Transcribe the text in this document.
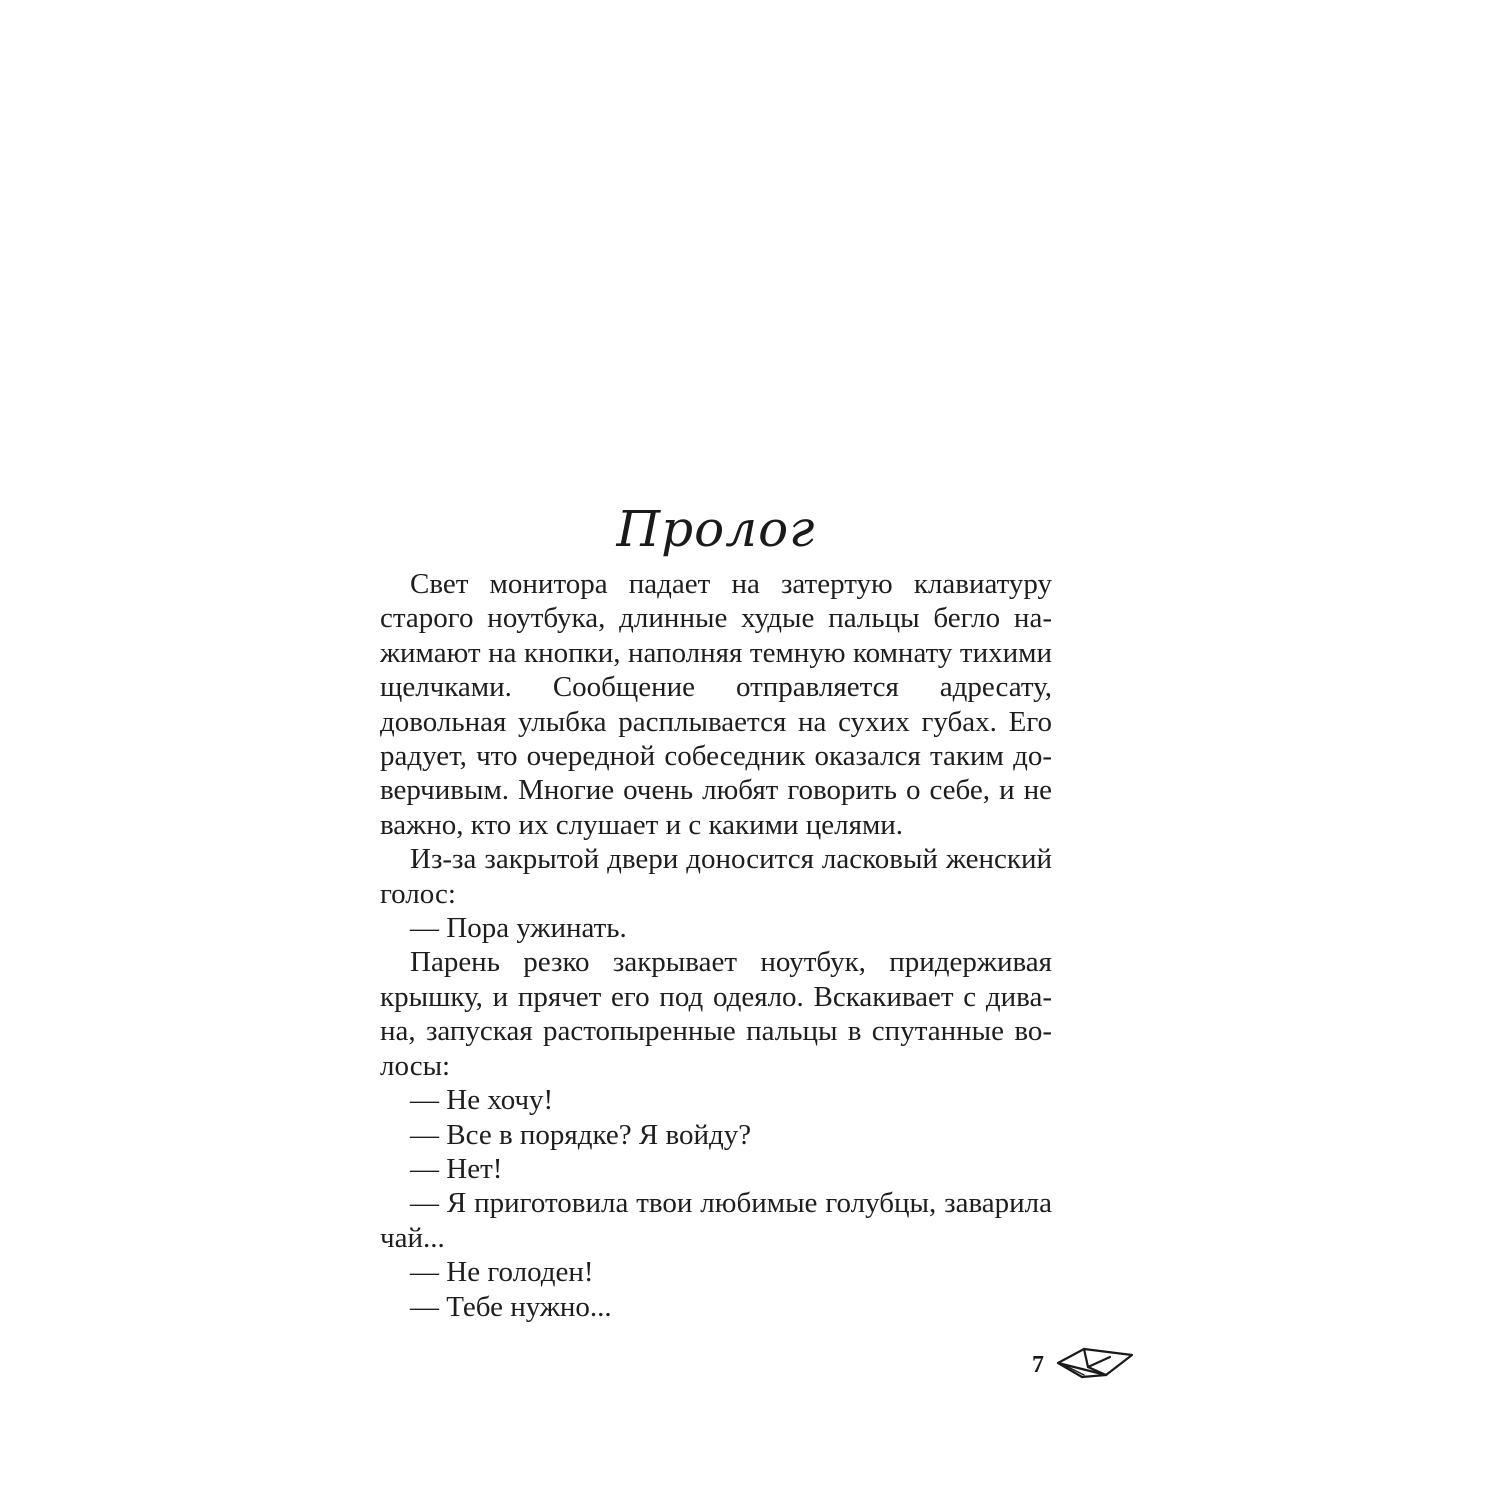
Пролог

Свет монитора падает на затертую клавиатуру старого ноутбука, длинные худые пальцы бегло нажимают на кнопки, наполняя темную комнату тихими щелчками. Сообщение отправляется адресату, довольная улыбка расплывается на сухих губах. Его радует, что очередной собеседник оказался таким доверчивым. Многие очень любят говорить о себе, и не важно, кто их слушает и с какими целями.

Из-за закрытой двери доносится ласковый женский голос:

— Пора ужинать.

Парень резко закрывает ноутбук, придерживая крышку, и прячет его под одеяло. Вскакивает с дивана, запуская растопыренные пальцы в спутанные волосы:

— Не хочу!

— Все в порядке? Я войду?

— Нет!

— Я приготовила твои любимые голубцы, заварила чай...

— Не голоден!

— Тебе нужно...

7
